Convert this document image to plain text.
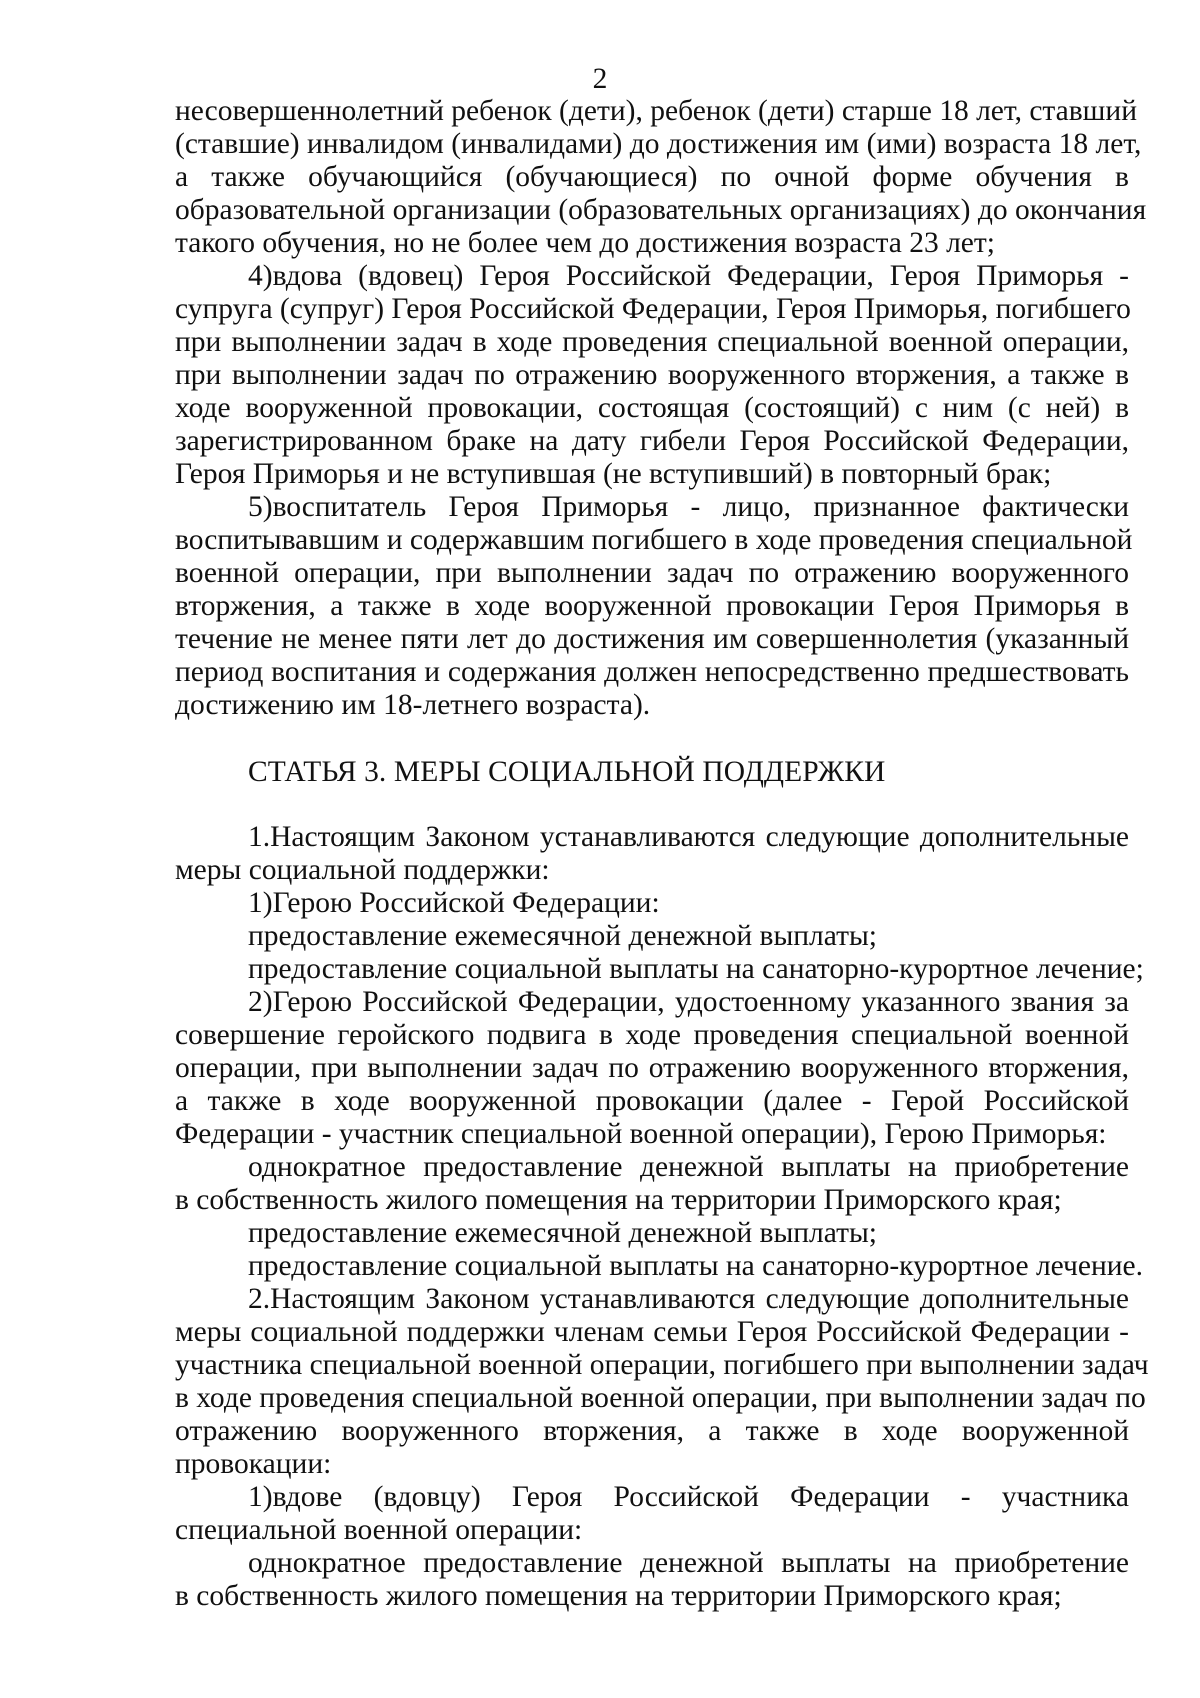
2
несовершеннолетний ребенок (дети), ребенок (дети) старше 18 лет, ставший
(ставшие) инвалидом (инвалидами) до достижения им (ими) возраста 18 лет,
а также обучающийся (обучающиеся) по очной форме обучения в
образовательной организации (образовательных организациях) до окончания
такого обучения, но не более чем до достижения возраста 23 лет;
4)вдова (вдовец) Героя Российской Федерации, Героя Приморья -
супруга (супруг) Героя Российской Федерации, Героя Приморья, погибшего
при выполнении задач в ходе проведения специальной военной операции,
при выполнении задач по отражению вооруженного вторжения, а также в
ходе вооруженной провокации, состоящая (состоящий) с ним (с ней) в
зарегистрированном браке на дату гибели Героя Российской Федерации,
Героя Приморья и не вступившая (не вступивший) в повторный брак;
5)воспитатель Героя Приморья - лицо, признанное фактически
воспитывавшим и содержавшим погибшего в ходе проведения специальной
военной операции, при выполнении задач по отражению вооруженного
вторжения, а также в ходе вооруженной провокации Героя Приморья в
течение не менее пяти лет до достижения им совершеннолетия (указанный
период воспитания и содержания должен непосредственно предшествовать
достижению им 18-летнего возраста).
СТАТЬЯ 3. МЕРЫ СОЦИАЛЬНОЙ ПОДДЕРЖКИ
1.Настоящим Законом устанавливаются следующие дополнительные
меры социальной поддержки:
1)Герою Российской Федерации:
предоставление ежемесячной денежной выплаты;
предоставление социальной выплаты на санаторно-курортное лечение;
2)Герою Российской Федерации, удостоенному указанного звания за
совершение геройского подвига в ходе проведения специальной военной
операции, при выполнении задач по отражению вооруженного вторжения,
а также в ходе вооруженной провокации (далее - Герой Российской
Федерации - участник специальной военной операции), Герою Приморья:
однократное предоставление денежной выплаты на приобретение
в собственность жилого помещения на территории Приморского края;
предоставление ежемесячной денежной выплаты;
предоставление социальной выплаты на санаторно-курортное лечение.
2.Настоящим Законом устанавливаются следующие дополнительные
меры социальной поддержки членам семьи Героя Российской Федерации -
участника специальной военной операции, погибшего при выполнении задач
в ходе проведения специальной военной операции, при выполнении задач по
отражению вооруженного вторжения, а также в ходе вооруженной
провокации:
1)вдове (вдовцу) Героя Российской Федерации - участника
специальной военной операции:
однократное предоставление денежной выплаты на приобретение
в собственность жилого помещения на территории Приморского края;
